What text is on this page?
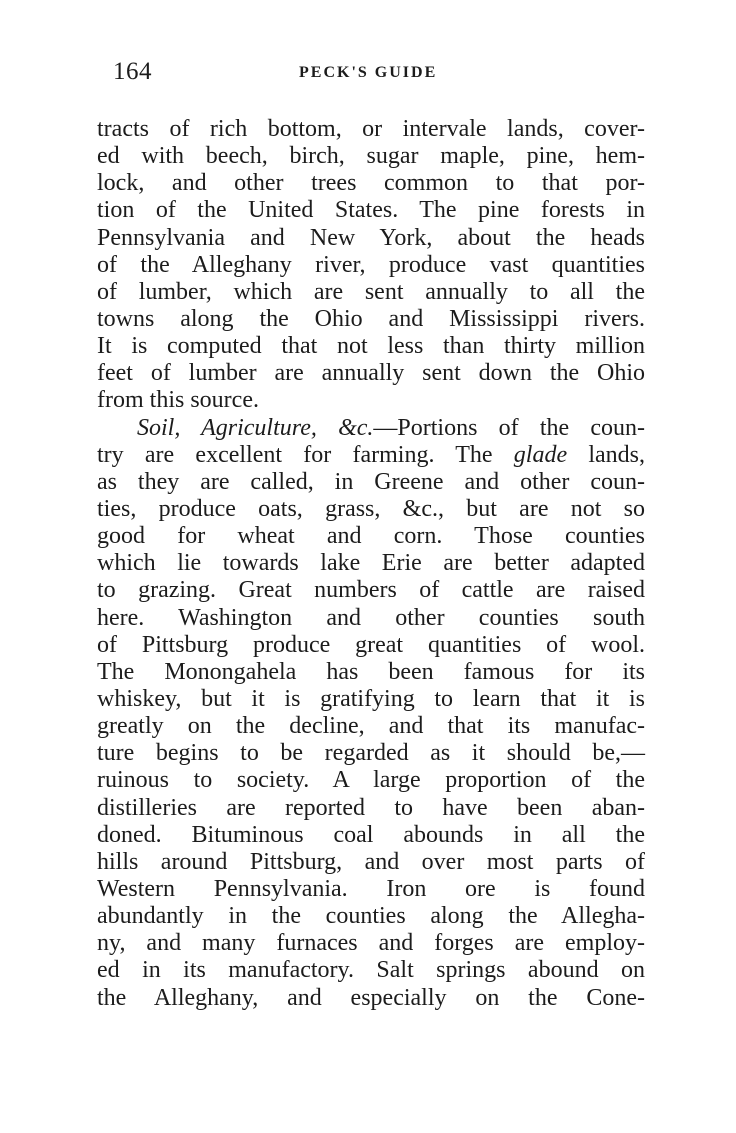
164	PECK'S GUIDE
tracts of rich bottom, or intervale lands, cover-
ed with beech, birch, sugar maple, pine, hem-
lock, and other trees common to that por-
tion of the United States. The pine forests in
Pennsylvania and New York, about the heads
of the Alleghany river, produce vast quantities
of lumber, which are sent annually to all the
towns along the Ohio and Mississippi rivers.
It is computed that not less than thirty million
feet of lumber are annually sent down the Ohio
from this source.
Soil, Agriculture, &c.—Portions of the coun-
try are excellent for farming. The glade lands,
as they are called, in Greene and other coun-
ties, produce oats, grass, &c., but are not so
good for wheat and corn. Those counties
which lie towards lake Erie are better adapted
to grazing. Great numbers of cattle are raised
here. Washington and other counties south
of Pittsburg produce great quantities of wool.
The Monongahela has been famous for its
whiskey, but it is gratifying to learn that it is
greatly on the decline, and that its manufac-
ture begins to be regarded as it should be,—
ruinous to society. A large proportion of the
distilleries are reported to have been aban-
doned. Bituminous coal abounds in all the
hills around Pittsburg, and over most parts of
Western Pennsylvania. Iron ore is found
abundantly in the counties along the Allegha-
ny, and many furnaces and forges are employ-
ed in its manufactory. Salt springs abound on
the Alleghany, and especially on the Cone-
